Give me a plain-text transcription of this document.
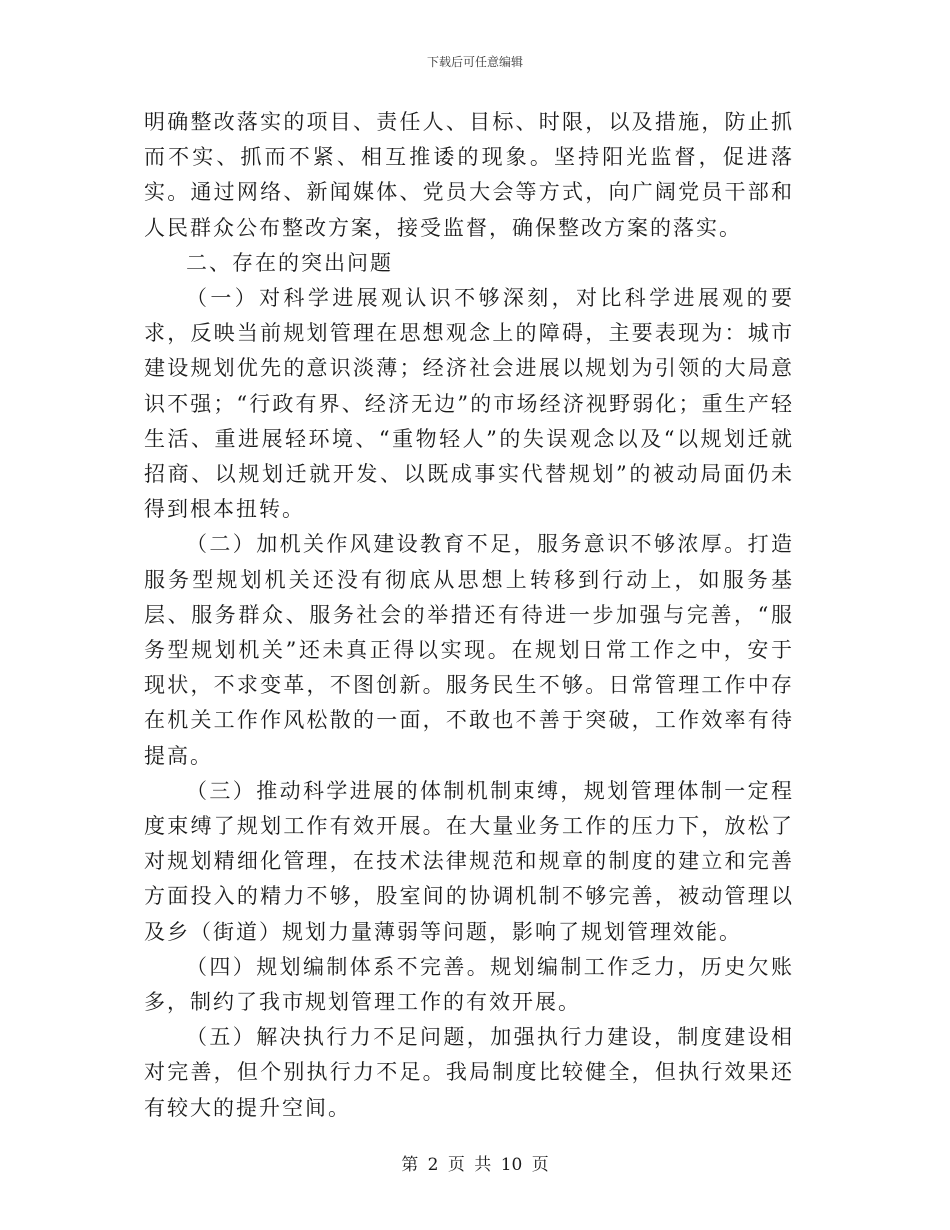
下载后可任意编辑

明确整改落实的项目、责任人、目标、时限，以及措施，防止抓而不实、抓而不紧、相互推诿的现象。坚持阳光监督，促进落实。通过网络、新闻媒体、党员大会等方式，向广阔党员干部和人民群众公布整改方案，接受监督，确保整改方案的落实。

二、存在的突出问题

（一）对科学进展观认识不够深刻，对比科学进展观的要求，反映当前规划管理在思想观念上的障碍，主要表现为：城市建设规划优先的意识淡薄；经济社会进展以规划为引领的大局意识不强；“行政有界、经济无边”的市场经济视野弱化；重生产轻生活、重进展轻环境、“重物轻人”的失误观念以及“以规划迁就招商、以规划迁就开发、以既成事实代替规划”的被动局面仍未得到根本扭转。

（二）加机关作风建设教育不足，服务意识不够浓厚。打造服务型规划机关还没有彻底从思想上转移到行动上，如服务基层、服务群众、服务社会的举措还有待进一步加强与完善，“服务型规划机关”还未真正得以实现。在规划日常工作之中，安于现状，不求变革，不图创新。服务民生不够。日常管理工作中存在机关工作作风松散的一面，不敢也不善于突破，工作效率有待提高。

（三）推动科学进展的体制机制束缚，规划管理体制一定程度束缚了规划工作有效开展。在大量业务工作的压力下，放松了对规划精细化管理，在技术法律规范和规章的制度的建立和完善方面投入的精力不够，股室间的协调机制不够完善，被动管理以及乡（街道）规划力量薄弱等问题，影响了规划管理效能。

（四）规划编制体系不完善。规划编制工作乏力，历史欠账多，制约了我市规划管理工作的有效开展。

（五）解决执行力不足问题，加强执行力建设，制度建设相对完善，但个别执行力不足。我局制度比较健全，但执行效果还有较大的提升空间。

第 2 页 共 10 页
